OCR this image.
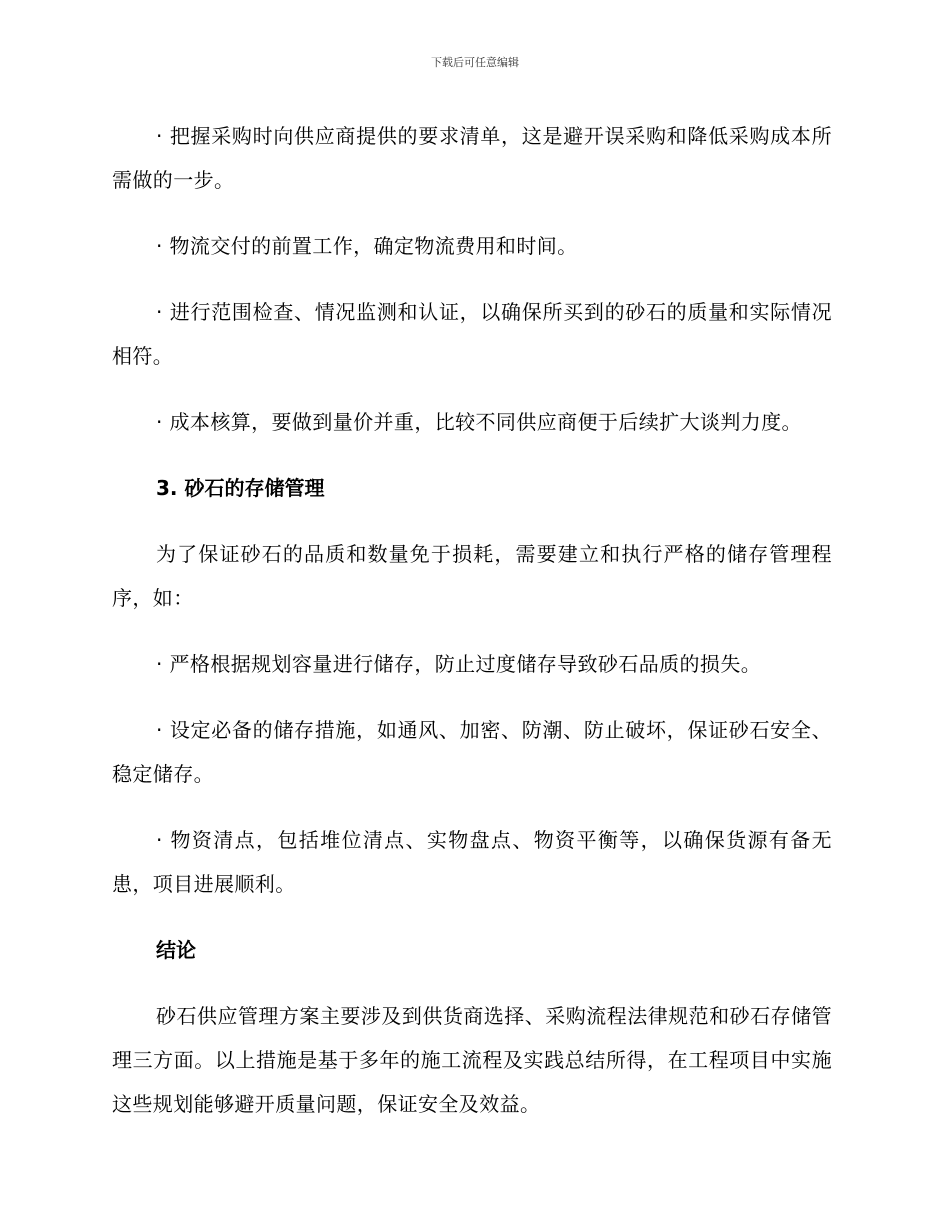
下载后可任意编辑

· 把握采购时向供应商提供的要求清单，这是避开误采购和降低采购成本所需做的一步。

· 物流交付的前置工作，确定物流费用和时间。

· 进行范围检查、情况监测和认证，以确保所买到的砂石的质量和实际情况相符。

· 成本核算，要做到量价并重，比较不同供应商便于后续扩大谈判力度。

3. 砂石的存储管理

为了保证砂石的品质和数量免于损耗，需要建立和执行严格的储存管理程序，如：

· 严格根据规划容量进行储存，防止过度储存导致砂石品质的损失。

· 设定必备的储存措施，如通风、加密、防潮、防止破坏，保证砂石安全、稳定储存。

· 物资清点，包括堆位清点、实物盘点、物资平衡等，以确保货源有备无患，项目进展顺利。

结论

砂石供应管理方案主要涉及到供货商选择、采购流程法律规范和砂石存储管理三方面。以上措施是基于多年的施工流程及实践总结所得，在工程项目中实施这些规划能够避开质量问题，保证安全及效益。
